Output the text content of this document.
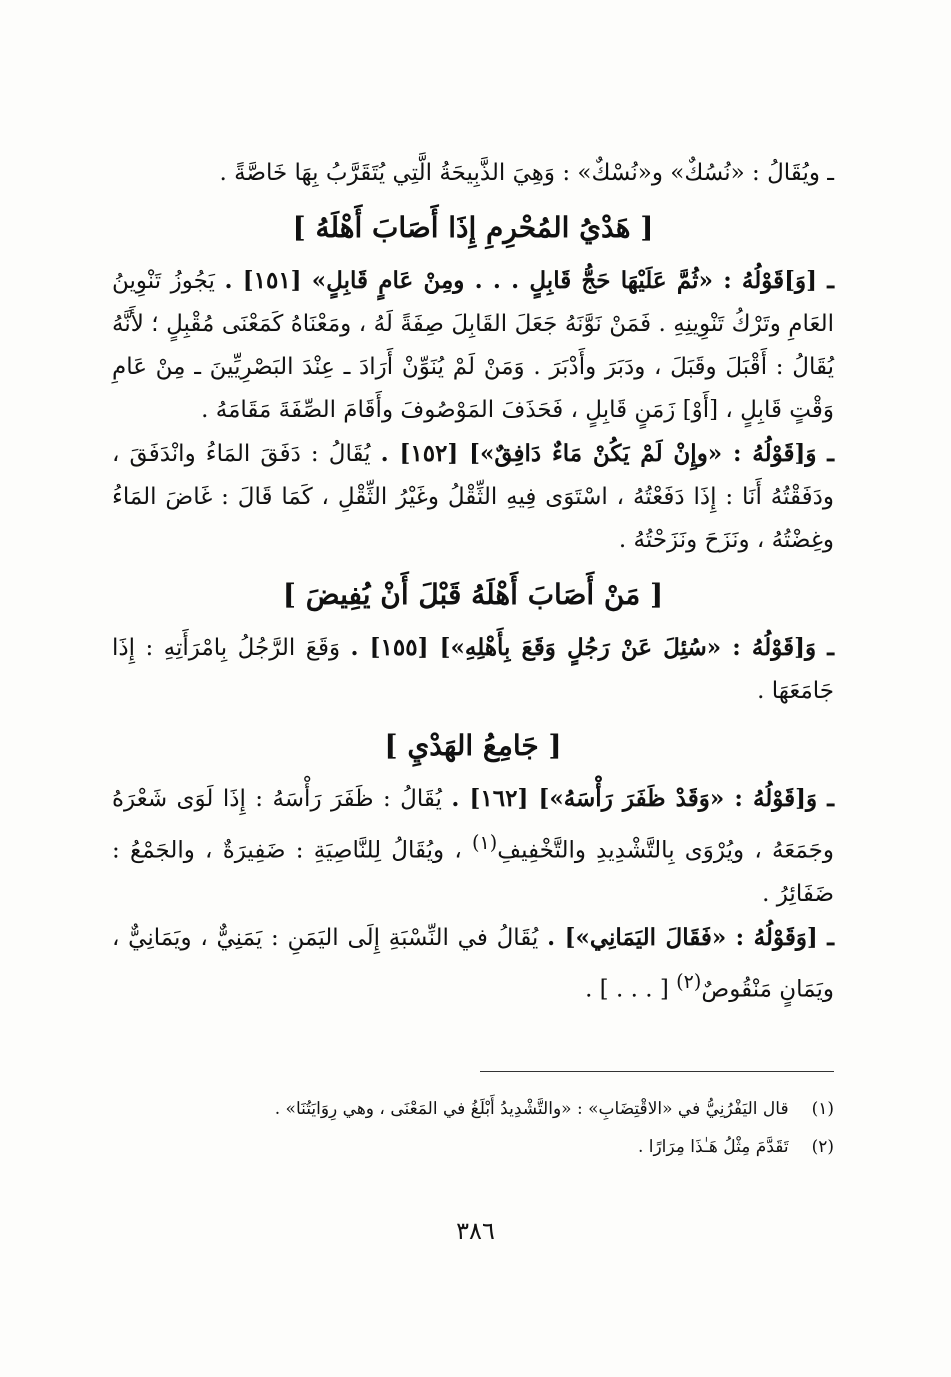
ـ ويُقَالُ : «نُسُكٌ» و«نُسْكٌ» : وَهِيَ الذَّبِيحَةُ الَّتِي يُتَقَرَّبُ بِهَا خَاصَّةً .

[ هَدْيُ المُحْرِمِ إِذَا أَصَابَ أَهْلَهُ ]

ـ [وَ]قَوْلُهُ : «ثُمَّ عَلَيْهَا حَجُّ قَابِلٍ . . . ومِنْ عَامٍ قَابِلٍ» [١٥١] . يَجُوزُ تَنْوِينُ العَامِ وتَرْكُ تَنْوِينِهِ . فَمَنْ نَوَّنَهُ جَعَلَ القَابِلَ صِفَةً لَهُ ، ومَعْنَاهُ كَمَعْنَى مُقْبِلٍ ؛ لأَنَّهُ يُقَالُ : أَقْبَلَ وقَبَلَ ، ودَبَرَ وأَدْبَرَ . وَمَنْ لَمْ يُنَوِّنْ أَرَادَ ـ عِنْدَ البَصْرِيِّينَ ـ مِنْ عَامِ وَقْتٍ قَابِلٍ ، [أَوْ] زَمَنٍ قَابِلٍ ، فَحَذَفَ المَوْصُوفَ وأَقَامَ الصِّفَةَ مَقَامَهُ .

ـ وَ[قَوْلُهُ : «وإِنْ لَمْ يَكُنْ مَاءٌ دَافِقٌ»] [١٥٢] . يُقَالُ : دَفَقَ المَاءُ وانْدَفَقَ ، ودَفَقْتُهُ أَنَا : إِذَا دَفَعْتُهُ ، اسْتَوَى فِيهِ الثِّقْلُ وغَيْرُ الثِّقْلِ ، كَمَا قَالَ : غَاضَ المَاءُ وغِضْتُهُ ، ونَزَحَ ونَزَحْتُهُ .

[ مَنْ أَصَابَ أَهْلَهُ قَبْلَ أَنْ يُفِيضَ ]

ـ وَ[قَوْلُهُ : «سُئِلَ عَنْ رَجُلٍ وَقَعَ بِأَهْلِهِ»] [١٥٥] . وَقَعَ الرَّجُلُ بِامْرَأَتِهِ : إِذَا جَامَعَهَا .

[ جَامِعُ الهَدْيِ ]

ـ وَ[قَوْلُهُ : «وَقَدْ ظَفَرَ رَأْسَهُ»] [١٦٢] . يُقَالُ : ظَفَرَ رَأْسَهُ : إِذَا لَوَى شَعْرَهُ وجَمَعَهُ ، ويُرْوَى بِالتَّشْدِيدِ والتَّخْفِيفِ$^{(١)}$ ، ويُقَالُ لِلنَّاصِيَةِ : ضَفِيرَةٌ ، والجَمْعُ : ضَفَائِرُ .

ـ [وَقَوْلُهُ : «فَقَالَ اليَمَانِي»] . يُقَالُ في النِّسْبَةِ إِلَى اليَمَنِ : يَمَنِيٌّ ، ويَمَانِيٌّ ، ويَمَانٍ مَنْقُوصٌ$^{(٢)}$ [ . . . ] .

(١) قال اليَفْرُنِيُّ في «الاقْتِضَابِ» : «والتَّشْدِيدُ أَبْلَغُ في المَعْنَى ، وهي رِوَايَتُنَا» .
(٢) تَقَدَّمَ مِثْلُ هَـٰذَا مِرَارًا .
٣٨٦
